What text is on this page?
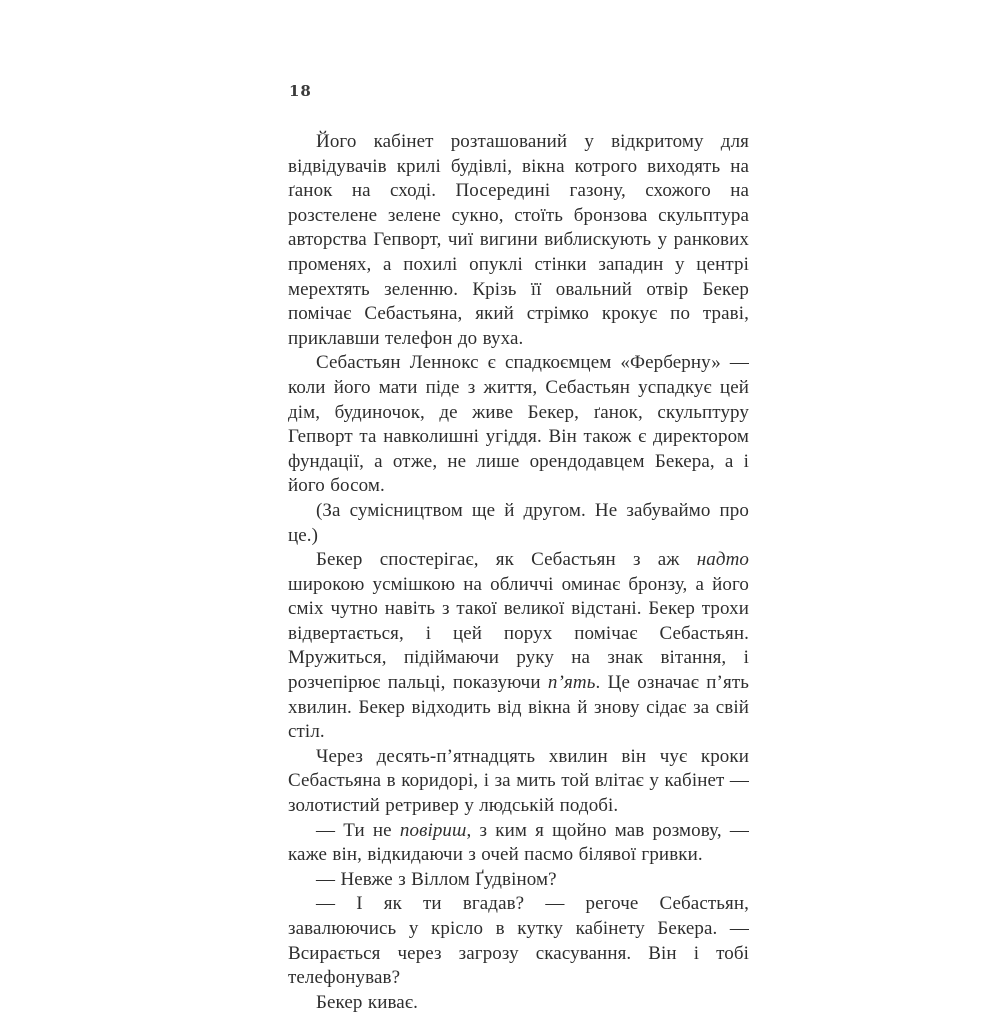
18

Його кабінет розташований у відкритому для відвідувачів крилі будівлі, вікна котрого виходять на ґанок на сході. Посередині газону, схожого на розстелене зелене сукно, стоїть бронзова скульптура авторства Гепворт, чиї вигини виблискують у ранкових променях, а похилі опуклі стінки западин у центрі мерехтять зеленню. Крізь її овальний отвір Бекер помічає Себастьяна, який стрімко крокує по траві, приклавши телефон до вуха.

Себастьян Леннокс є спадкоємцем «Ферберну» — коли його мати піде з життя, Себастьян успадкує цей дім, будиночок, де живе Бекер, ґанок, скульптуру Гепворт та навколишні угіддя. Він також є директором фундації, а отже, не лише орендодавцем Бекера, а і його босом.

(За сумісництвом ще й другом. Не забуваймо про це.)

Бекер спостерігає, як Себастьян з аж надто широкою усмішкою на обличчі оминає бронзу, а його сміх чутно навіть з такої великої відстані. Бекер трохи відвертається, і цей порух помічає Себастьян. Мружиться, підіймаючи руку на знак вітання, і розчепірює пальці, показуючи п’ять. Це означає п’ять хвилин. Бекер відходить від вікна й знову сідає за свій стіл.

Через десять-п’ятнадцять хвилин він чує кроки Себастьяна в коридорі, і за мить той влітає у кабінет — золотистий ретривер у людській подобі.

— Ти не повіриш, з ким я щойно мав розмову, — каже він, відкидаючи з очей пасмо білявої гривки.

— Невже з Віллом Ґудвіном?

— І як ти вгадав? — регоче Себастьян, завалюючись у крісло в кутку кабінету Бекера. — Всирається через загрозу скасування. Він і тобі телефонував?

Бекер киває.
